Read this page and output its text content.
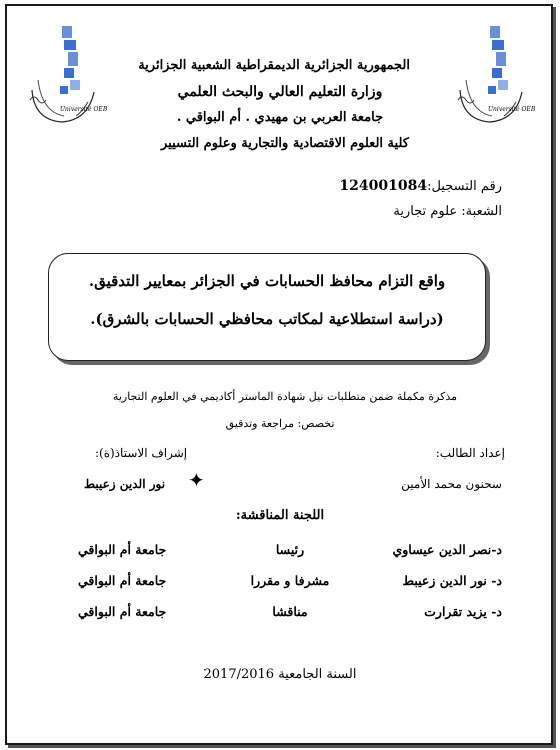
Université OEB	Université OEB
الجمهورية الجزائرية الديمقراطية الشعبية الجزائرية
وزارة التعليم العالي والبحث العلمي
جامعة العربي بن مهيدي . أم البواقي .
كلية العلوم الاقتصادية والتجارية وعلوم التسيير
رقم التسجيل:124001084
الشعبة: علوم تجارية
واقع التزام محافظ الحسابات في الجزائر بمعايير التدقيق.
(دراسة استطلاعية لمكاتب محافظي الحسابات بالشرق).
مذكرة مكملة ضمن متطلبات نيل شهادة الماستر أكاديمي في العلوم التجارية
تخصص: مراجعة وتدقيق
إعداد الطالب:
إشراف الاستاذ(ة):
سحنون محمد الأمين
✦
نور الدين زعيبط
اللجنة المناقشة:
د-نصر الدين عيساوي
رئيسا
جامعة أم البواقي
د- نور الدين زعيبط
مشرفا و مقررا
جامعة أم البواقي
د- يزيد تقرارت
مناقشا
جامعة أم البواقي
السنة الجامعية 2017/2016
